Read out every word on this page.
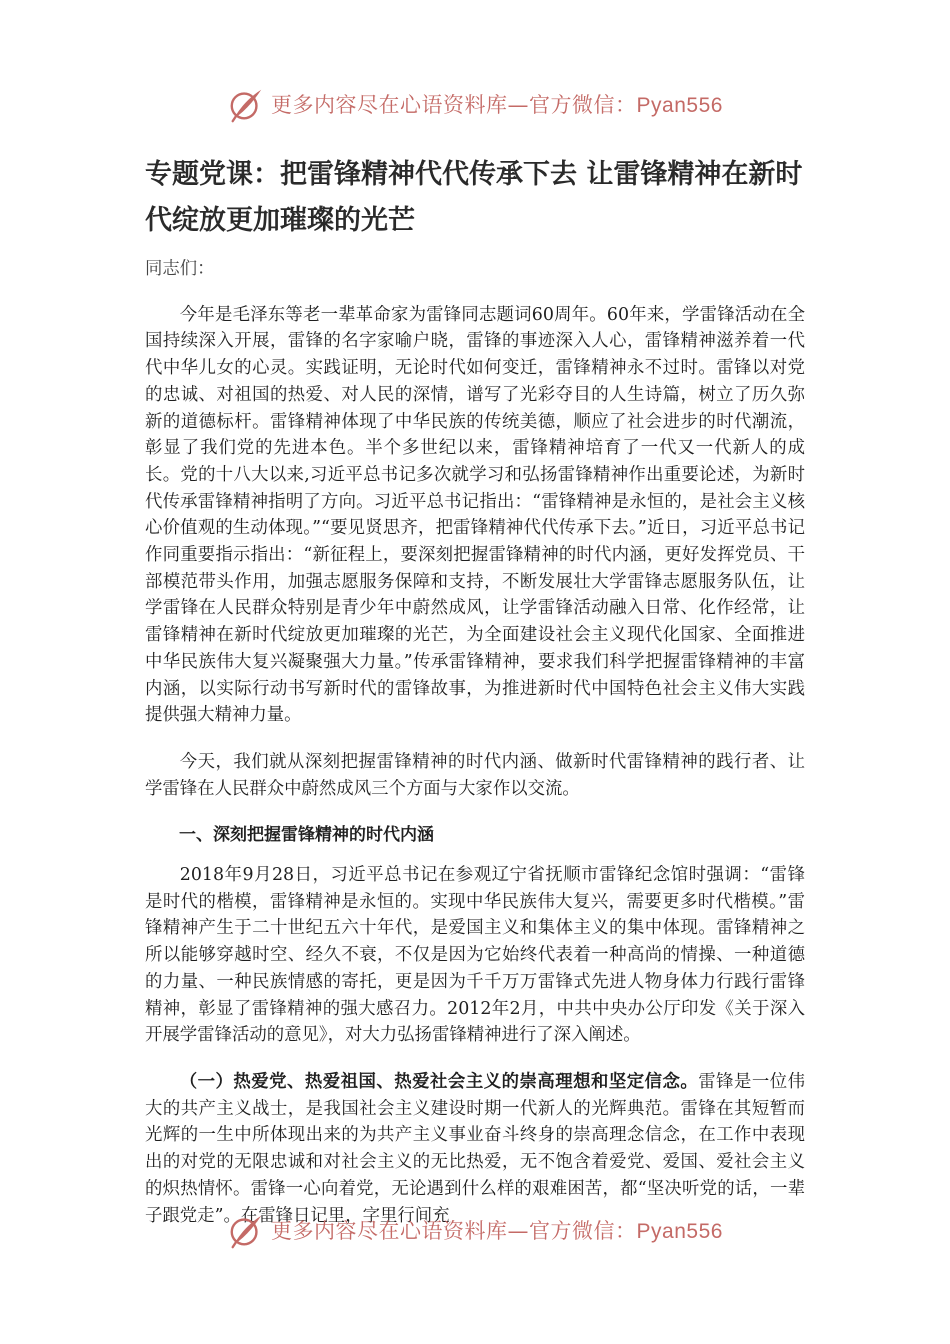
更多内容尽在心语资料库—官方微信：Pyan556
专题党课：把雷锋精神代代传承下去 让雷锋精神在新时代绽放更加璀璨的光芒

同志们：

今年是毛泽东等老一辈革命家为雷锋同志题词60周年。60年来，学雷锋活动在全国持续深入开展，雷锋的名字家喻户晓，雷锋的事迹深入人心，雷锋精神滋养着一代代中华儿女的心灵。实践证明，无论时代如何变迁，雷锋精神永不过时。雷锋以对党的忠诚、对祖国的热爱、对人民的深情，谱写了光彩夺目的人生诗篇，树立了历久弥新的道德标杆。雷锋精神体现了中华民族的传统美德，顺应了社会进步的时代潮流，彰显了我们党的先进本色。半个多世纪以来，雷锋精神培育了一代又一代新人的成长。党的十八大以来,习近平总书记多次就学习和弘扬雷锋精神作出重要论述，为新时代传承雷锋精神指明了方向。习近平总书记指出：“雷锋精神是永恒的，是社会主义核心价值观的生动体现。”“要见贤思齐，把雷锋精神代代传承下去。”近日，习近平总书记作同重要指示指出：“新征程上，要深刻把握雷锋精神的时代内涵，更好发挥党员、干部模范带头作用，加强志愿服务保障和支持，不断发展壮大学雷锋志愿服务队伍，让学雷锋在人民群众特别是青少年中蔚然成风，让学雷锋活动融入日常、化作经常，让雷锋精神在新时代绽放更加璀璨的光芒，为全面建设社会主义现代化国家、全面推进中华民族伟大复兴凝聚强大力量。”传承雷锋精神，要求我们科学把握雷锋精神的丰富内涵，以实际行动书写新时代的雷锋故事，为推进新时代中国特色社会主义伟大实践提供强大精神力量。

今天，我们就从深刻把握雷锋精神的时代内涵、做新时代雷锋精神的践行者、让学雷锋在人民群众中蔚然成风三个方面与大家作以交流。

一、深刻把握雷锋精神的时代内涵

2018年9月28日，习近平总书记在参观辽宁省抚顺市雷锋纪念馆时强调：“雷锋是时代的楷模，雷锋精神是永恒的。实现中华民族伟大复兴，需要更多时代楷模。”雷锋精神产生于二十世纪五六十年代，是爱国主义和集体主义的集中体现。雷锋精神之所以能够穿越时空、经久不衰，不仅是因为它始终代表着一种高尚的情操、一种道德的力量、一种民族情感的寄托，更是因为千千万万雷锋式先进人物身体力行践行雷锋精神，彰显了雷锋精神的强大感召力。2012年2月，中共中央办公厅印发《关于深入开展学雷锋活动的意见》，对大力弘扬雷锋精神进行了深入阐述。

（一）热爱党、热爱祖国、热爱社会主义的崇高理想和坚定信念。雷锋是一位伟大的共产主义战士，是我国社会主义建设时期一代新人的光辉典范。雷锋在其短暂而光辉的一生中所体现出来的为共产主义事业奋斗终身的崇高理念信念，在工作中表现出的对党的无限忠诚和对社会主义的无比热爱，无不饱含着爱党、爱国、爱社会主义的炽热情怀。雷锋一心向着党，无论遇到什么样的艰难困苦，都“坚决听党的话，一辈子跟党走”。在雷锋日记里，字里行间充

更多内容尽在心语资料库—官方微信：Pyan556
